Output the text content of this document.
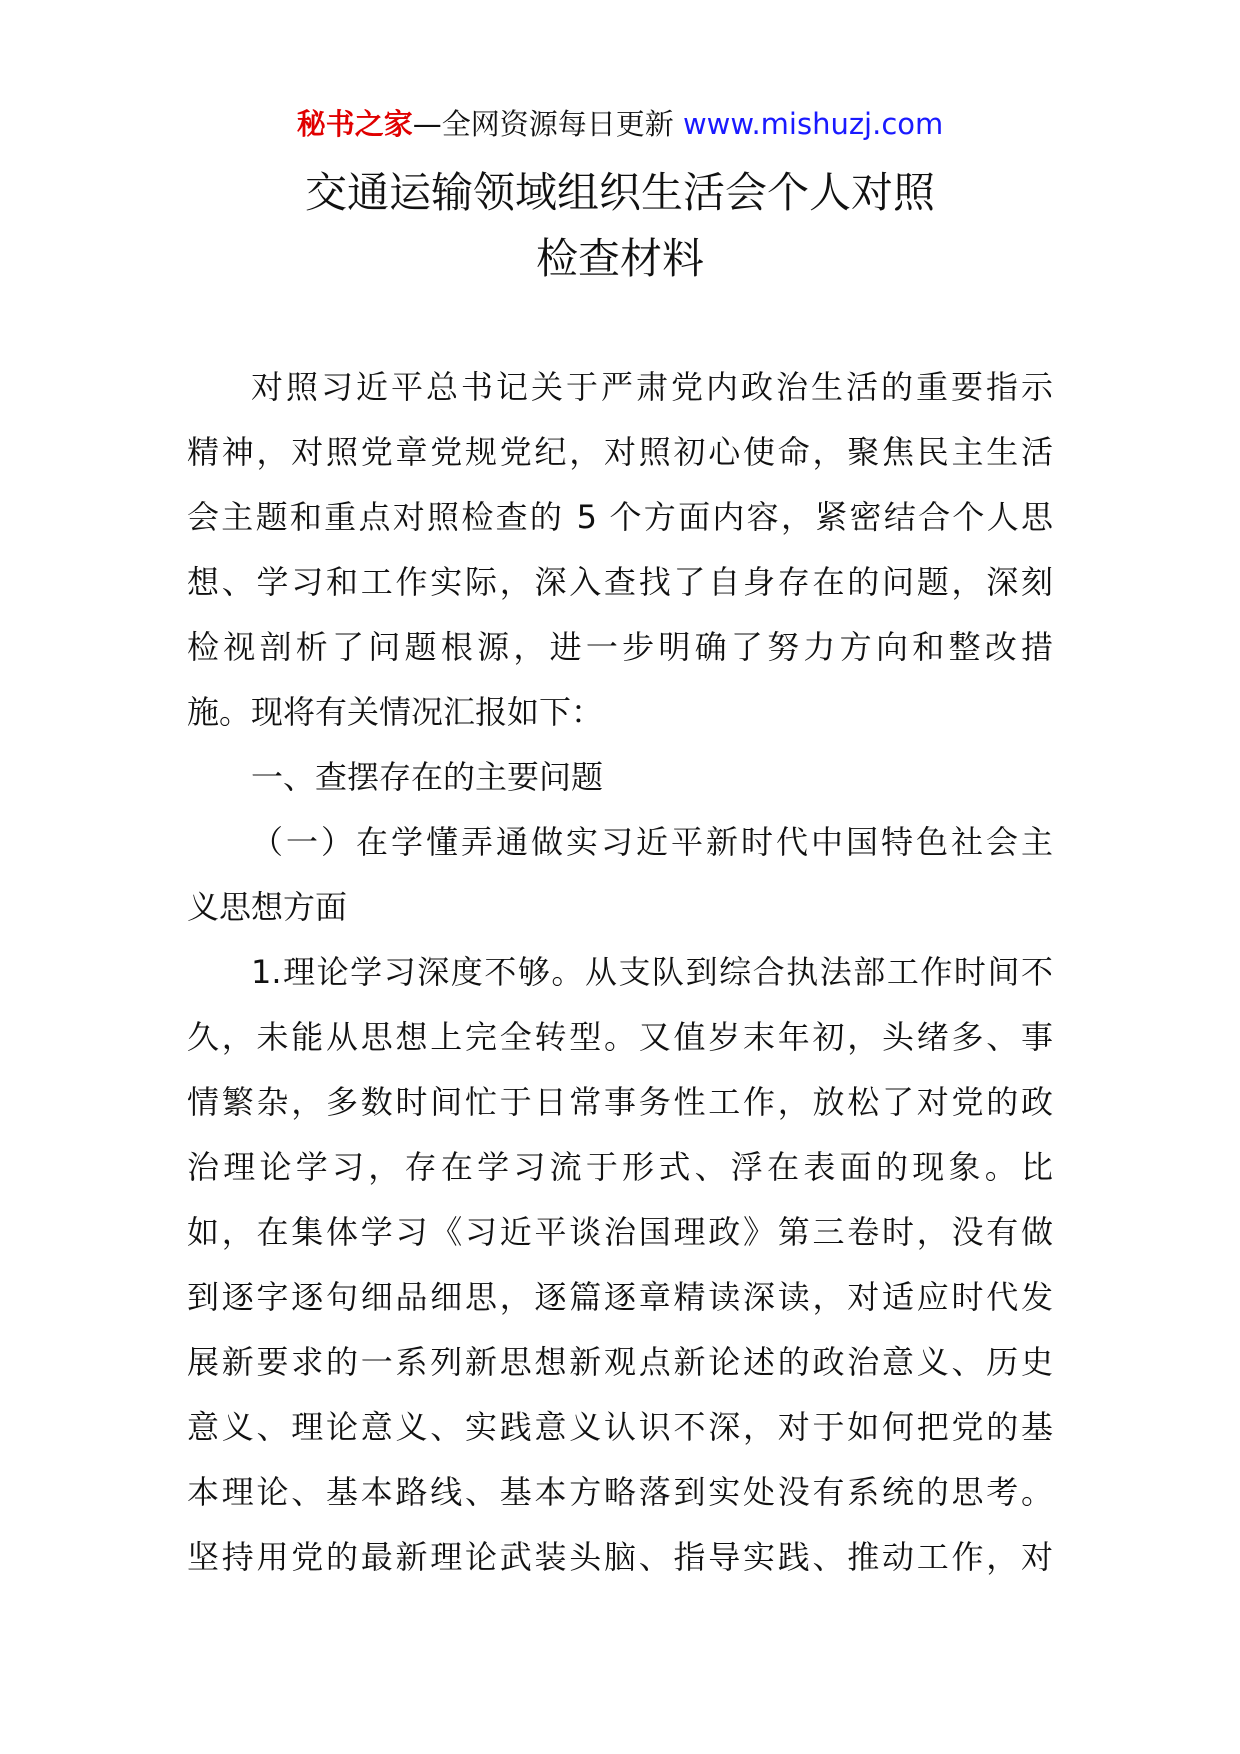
秘书之家—全网资源每日更新 www.mishuzj.com
交通运输领域组织生活会个人对照
检查材料
对照习近平总书记关于严肃党内政治生活的重要指示
精神，对照党章党规党纪，对照初心使命，聚焦民主生活
会主题和重点对照检查的 5 个方面内容，紧密结合个人思
想、学习和工作实际，深入查找了自身存在的问题，深刻
检视剖析了问题根源，进一步明确了努力方向和整改措
施。现将有关情况汇报如下：
一、查摆存在的主要问题
（一）在学懂弄通做实习近平新时代中国特色社会主
义思想方面
1.理论学习深度不够。从支队到综合执法部工作时间不
久，未能从思想上完全转型。又值岁末年初，头绪多、事
情繁杂，多数时间忙于日常事务性工作，放松了对党的政
治理论学习，存在学习流于形式、浮在表面的现象。比
如，在集体学习《习近平谈治国理政》第三卷时，没有做
到逐字逐句细品细思，逐篇逐章精读深读，对适应时代发
展新要求的一系列新思想新观点新论述的政治意义、历史
意义、理论意义、实践意义认识不深，对于如何把党的基
本理论、基本路线、基本方略落到实处没有系统的思考。
坚持用党的最新理论武装头脑、指导实践、推动工作，对
